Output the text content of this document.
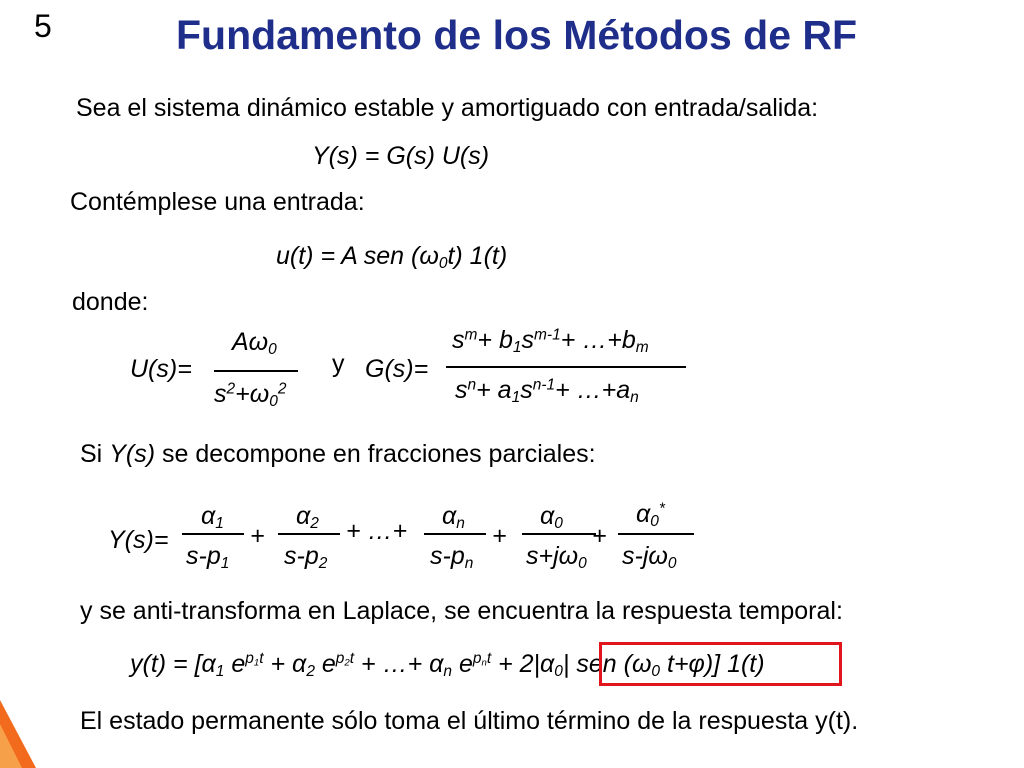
5	Fundamento de los Métodos de RF
Sea el sistema dinámico estable y amortiguado con entrada/salida:
Y(s) = G(s) U(s)
Contémplese una entrada:
u(t) = A sen $(\omega_0t)$ 1(t)
donde:
U(s)=
$A\omega_0$
$s^2+\omega_0^2$
y G(s)=
$s^m+ b_1s^{m-1}+$ $\dots+b_m$
$s^n+ a_1s^{n-1}+$ $\dots+a_n$
Si Y(s) se decompone en fracciones parciales:
Y(s)=
$\alpha_1$
$s-p_1$
+
$\alpha_2$
$s-p_2$
+ …+
$\alpha_n$
$s-p_n$
+
$\alpha_0$
$s+j\omega_0$
+
$\alpha_0^*$
$s-j\omega_0$
y se anti-transforma en Laplace, se encuentra la respuesta temporal:
$y(t) = [\alpha_1$ $e^{p_1t} + \alpha_2$ $e^{p_2t}$ + …+ $\alpha_n$ $e^{p_nt} + 2|\alpha_0|$ sen ($\omega_0$ t+φ)] 1(t)
El estado permanente sólo toma el último término de la respuesta y(t).
